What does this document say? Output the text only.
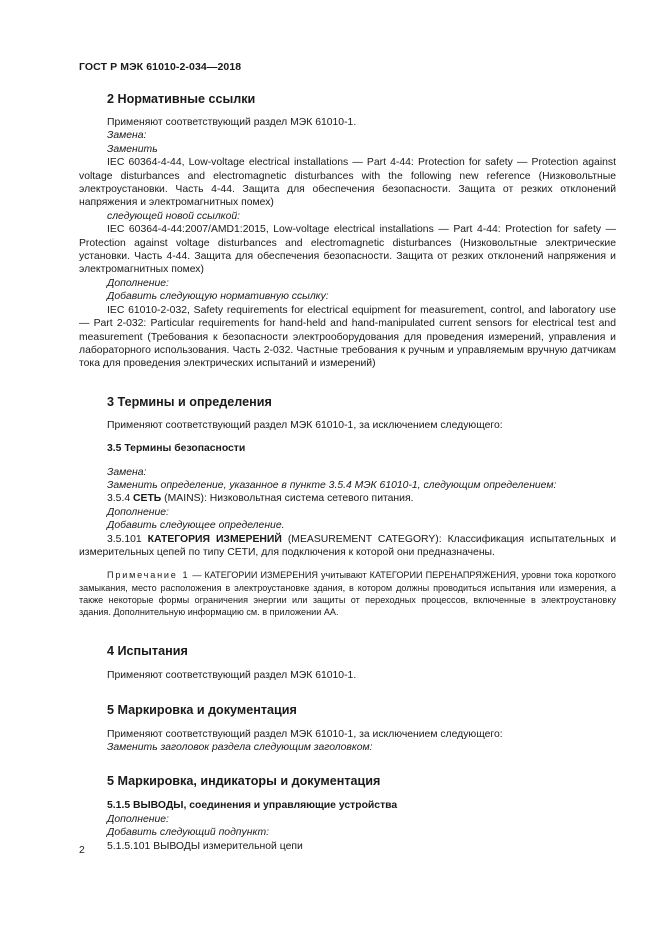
ГОСТ Р МЭК 61010-2-034—2018
2 Нормативные ссылки

Применяют соответствующий раздел МЭК 61010-1.

Замена:

Заменить

IEC 60364-4-44, Low-voltage electrical installations — Part 4-44: Protection for safety — Protection against voltage disturbances and electromagnetic disturbances with the following new reference (Низковольтные электроустановки. Часть 4-44. Защита для обеспечения безопасности. Защита от резких отклонений напряжения и электромагнитных помех)

следующей новой ссылкой:

IEC 60364-4-44:2007/AMD1:2015, Low-voltage electrical installations — Part 4-44: Protection for safety — Protection against voltage disturbances and electromagnetic disturbances (Низковольтные электрические установки. Часть 4-44. Защита для обеспечения безопасности. Защита от резких отклонений напряжения и электромагнитных помех)

Дополнение:

Добавить следующую нормативную ссылку:

IEC 61010-2-032, Safety requirements for electrical equipment for measurement, control, and laboratory use — Part 2-032: Particular requirements for hand-held and hand-manipulated current sensors for electrical test and measurement (Требования к безопасности электрооборудования для проведения измерений, управления и лабораторного использования. Часть 2-032. Частные требования к ручным и управляемым вручную датчикам тока для проведения электрических испытаний и измерений)

3 Термины и определения

Применяют соответствующий раздел МЭК 61010-1, за исключением следующего:

3.5 Термины безопасности

Замена:

Заменить определение, указанное в пункте 3.5.4 МЭК 61010-1, следующим определением:

3.5.4 СЕТЬ (MAINS): Низковольтная система сетевого питания.

Дополнение:

Добавить следующее определение.

3.5.101 КАТЕГОРИЯ ИЗМЕРЕНИЙ (MEASUREMENT CATEGORY): Классификация испытательных и измерительных цепей по типу СЕТИ, для подключения к которой они предназначены.

Примечание 1 — КАТЕГОРИИ ИЗМЕРЕНИЯ учитывают КАТЕГОРИИ ПЕРЕНАПРЯЖЕНИЯ, уровни тока короткого замыкания, место расположения в электроустановке здания, в котором должны проводиться испытания или измерения, а также некоторые формы ограничения энергии или защиты от переходных процессов, включенные в электроустановку здания. Дополнительную информацию см. в приложении АА.

4 Испытания

Применяют соответствующий раздел МЭК 61010-1.

5 Маркировка и документация

Применяют соответствующий раздел МЭК 61010-1, за исключением следующего:

Заменить заголовок раздела следующим заголовком:

5 Маркировка, индикаторы и документация
5.1.5 ВЫВОДЫ, соединения и управляющие устройства

Дополнение:

Добавить следующий подпункт:

5.1.5.101 ВЫВОДЫ измерительной цепи

2
